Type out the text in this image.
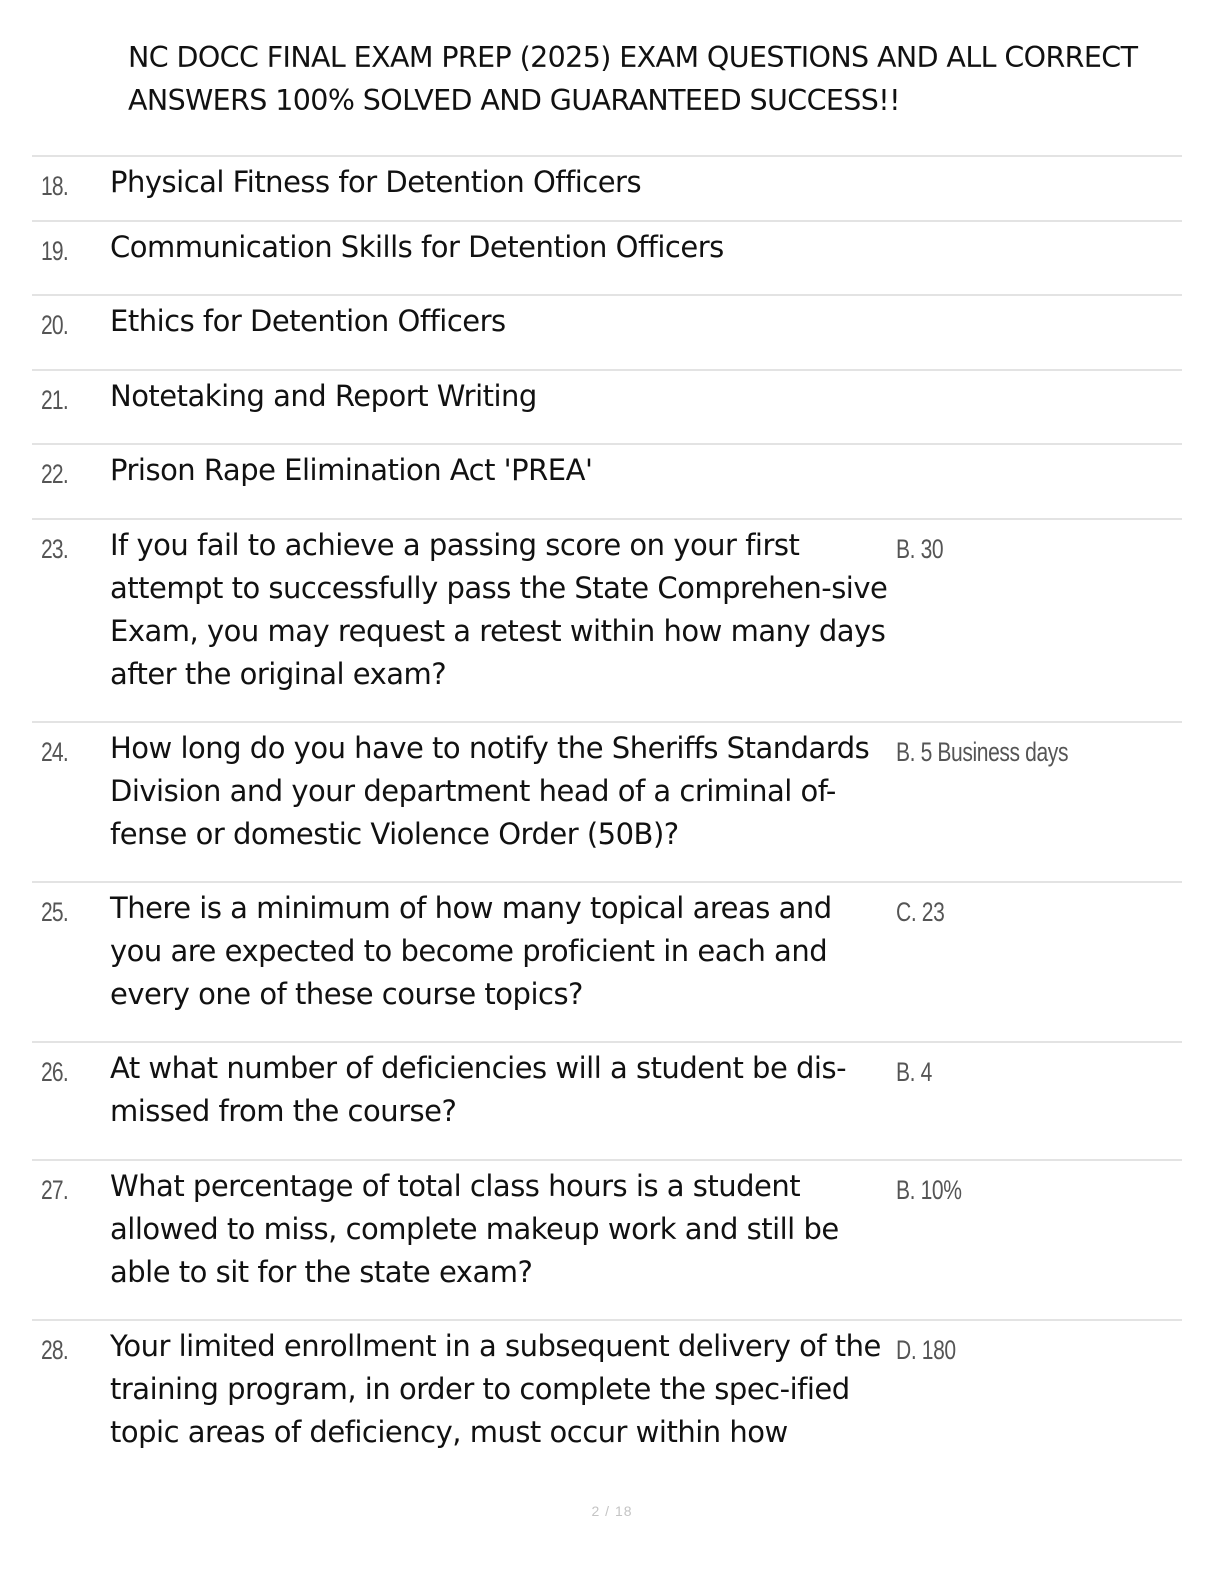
NC DOCC FINAL EXAM PREP (2025) EXAM QUESTIONS AND ALL CORRECT ANSWERS 100% SOLVED AND GUARANTEED SUCCESS!!
18. Physical Fitness for Detention Officers
19. Communication Skills for Detention Officers
20. Ethics for Detention Officers
21. Notetaking and Report Writing
22. Prison Rape Elimination Act 'PREA'
23. If you fail to achieve a passing score on your first attempt to successfully pass the State Comprehen-sive Exam, you may request a retest within how many days after the original exam?
B. 30
24. How long do you have to notify the Sheriffs Standards Division and your department head of a criminal of-fense or domestic Violence Order (50B)?
B. 5 Business days
25. There is a minimum of how many topical areas and you are expected to become proficient in each and every one of these course topics?
C. 23
26. At what number of deficiencies will a student be dis-missed from the course?
B. 4
27. What percentage of total class hours is a student allowed to miss, complete makeup work and still be able to sit for the state exam?
B. 10%
28. Your limited enrollment in a subsequent delivery of the training program, in order to complete the spec-ified topic areas of deficiency, must occur within how
D. 180
2 / 18
